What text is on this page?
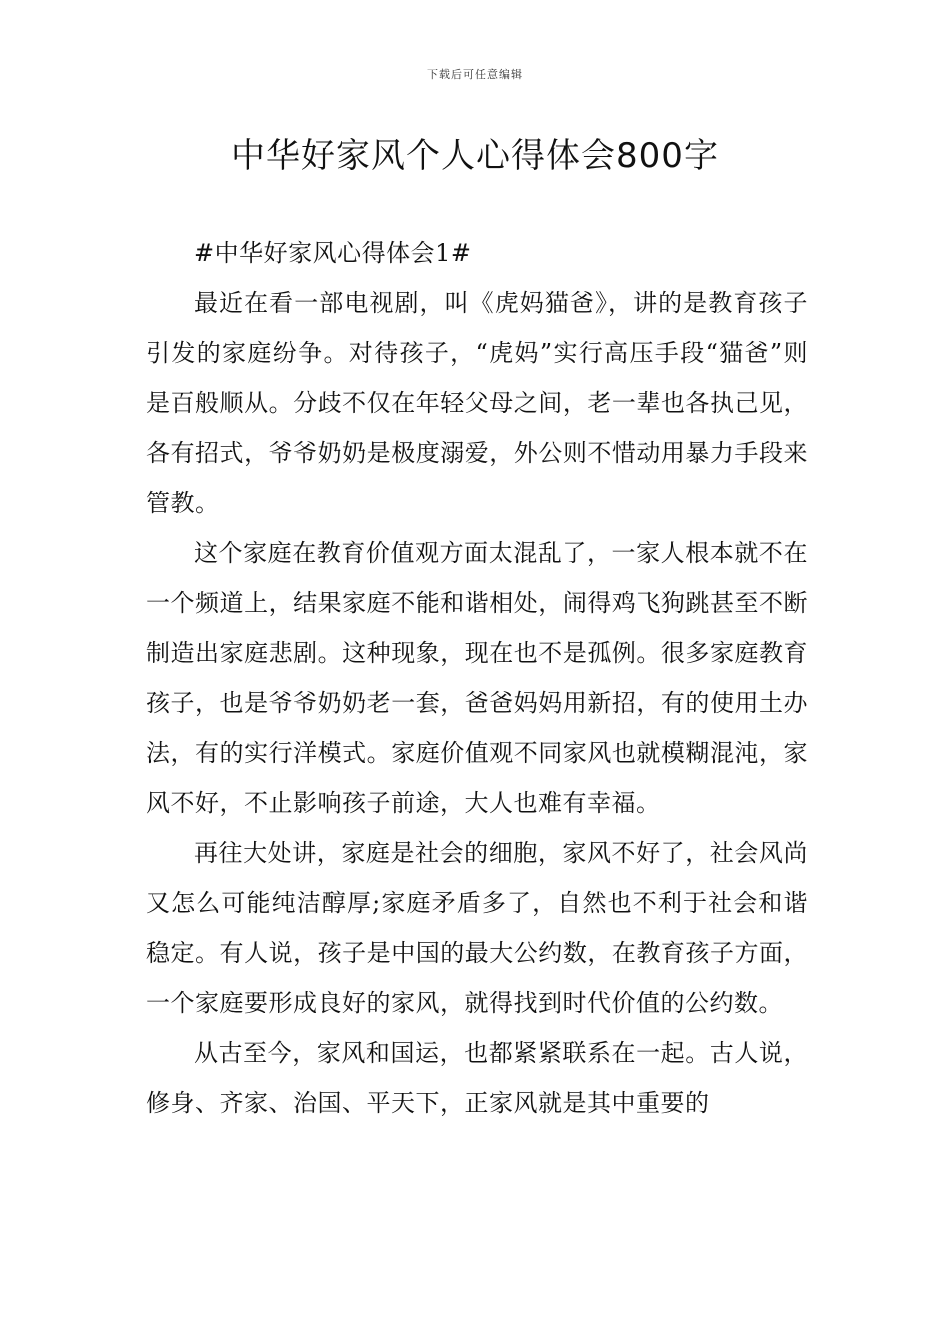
下载后可任意编辑
中华好家风个人心得体会800字

#中华好家风心得体会1#

最近在看一部电视剧，叫《虎妈猫爸》，讲的是教育孩子引发的家庭纷争。对待孩子，“虎妈”实行高压手段“猫爸”则是百般顺从。分歧不仅在年轻父母之间，老一辈也各执己见，各有招式，爷爷奶奶是极度溺爱，外公则不惜动用暴力手段来管教。

这个家庭在教育价值观方面太混乱了，一家人根本就不在一个频道上，结果家庭不能和谐相处，闹得鸡飞狗跳甚至不断制造出家庭悲剧。这种现象，现在也不是孤例。很多家庭教育孩子，也是爷爷奶奶老一套，爸爸妈妈用新招，有的使用土办法，有的实行洋模式。家庭价值观不同家风也就模糊混沌，家风不好，不止影响孩子前途，大人也难有幸福。

再往大处讲，家庭是社会的细胞，家风不好了，社会风尚又怎么可能纯洁醇厚;家庭矛盾多了，自然也不利于社会和谐稳定。有人说，孩子是中国的最大公约数，在教育孩子方面，一个家庭要形成良好的家风，就得找到时代价值的公约数。

从古至今，家风和国运，也都紧紧联系在一起。古人说，修身、齐家、治国、平天下，正家风就是其中重要的
